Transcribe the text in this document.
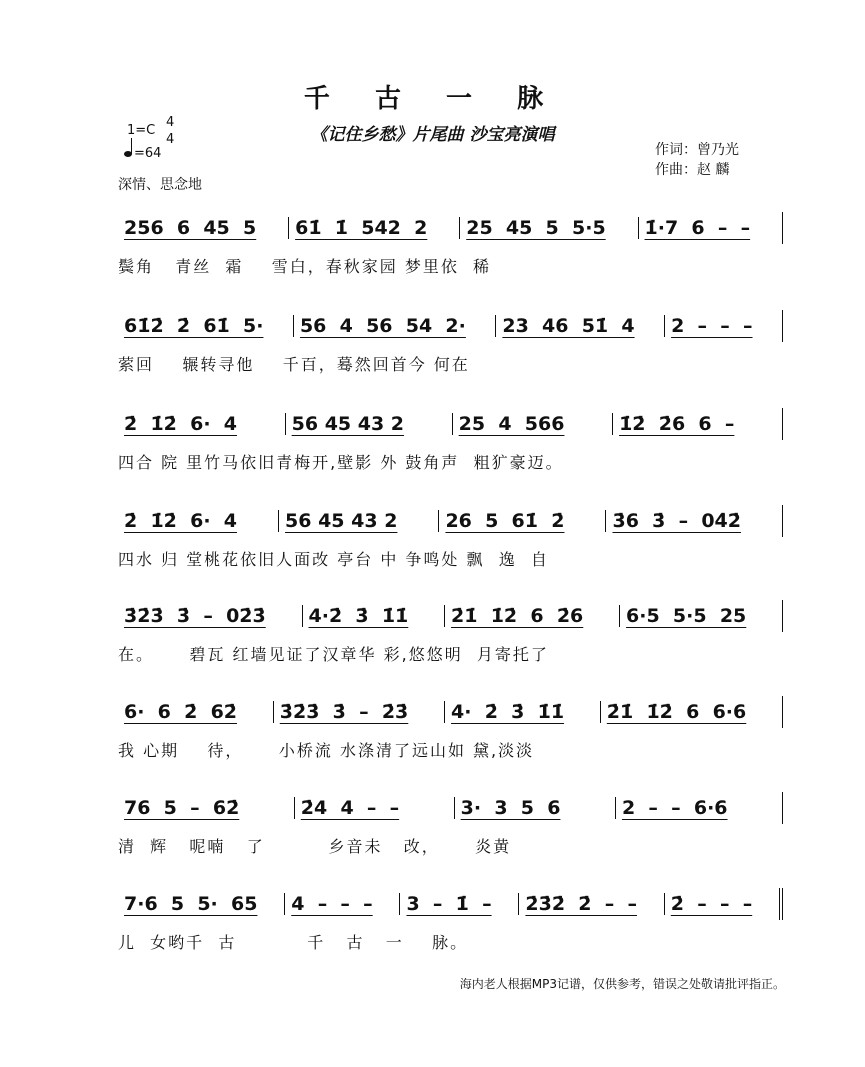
千 古 一 脉
《记住乡愁》片尾曲 沙宝亮演唱
1=C
4
4
=64
深情、思念地
作词：曾乃光
作曲：赵 麟
256  6  45  5	61̇  1̇  542  2	25  45  5  5·5	1̇·7  6  –  –
鬓角   青丝  霜    雪白，春秋家园 梦里依  稀
61̇2̇  2̇  61̇  5·	56  4  56  54  2·	23  46  51̇  4	2  –  –  –
萦回    辗转寻他    千百，蓦然回首今 何在
2̇  1̇2̇  6·  4	56 45 43 2	25  4  566	1̇2̇  2̇6  6  –
四合 院 里竹马依旧青梅开,壁影 外 鼓角声  粗犷豪迈。
2̇  1̇2̇  6·  4	56 45 43 2	26  5  61̇  2̇	3̇6  3̇  –  04̇2̇
四水 归 堂桃花依旧人面改 亭台 中 争鸣处 飘  逸  自
3̇2̇3̇  3̇  –  02̇3̇	4·2̇  3̇  1̇1̇	2̇1̇  1̇2̇  6  2̇6	6·5  5·5  25
在。     碧瓦 红墙见证了汉章华 彩,悠悠明  月寄托了
6·  6  2̇  62̇	3̇2̇3̇  3̇  –  2̇3̇	4·  2̇  3̇  1̇1̇	2̇1̇  1̇2̇  6  6·6
我 心期    待，     小桥流 水涤清了远山如 黛,淡淡
76  5  –  62̇	2̇4  4  –  –	3·  3  5  6	2  –  –  6·6
清  辉   呢喃   了         乡音未   改，     炎黄
7·6  5  5·  65	4  –  –  –	3  –  1̇  –	2̇3̇2̇  2̇  –  –	2̇  –  –  –
儿  女哟千  古          千   古   一    脉。
海内老人根据MP3记谱，仅供参考，错误之处敬请批评指正。
